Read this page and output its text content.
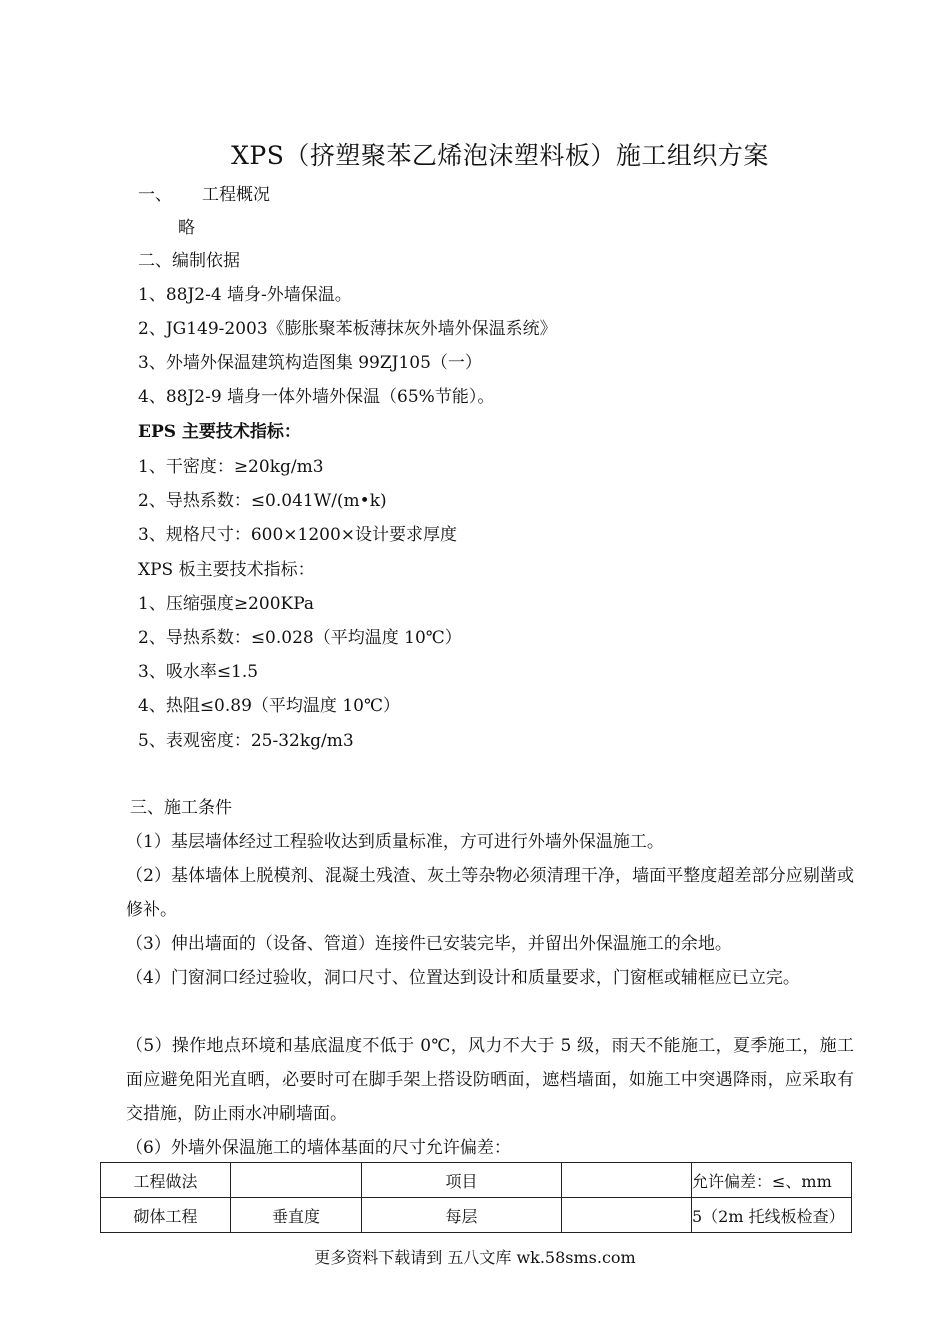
XPS（挤塑聚苯乙烯泡沫塑料板）施工组织方案
一、 工程概况
略
二、编制依据
1、88J2-4 墙身-外墙保温。
2、JG149-2003《膨胀聚苯板薄抹灰外墙外保温系统》
3、外墙外保温建筑构造图集 99ZJ105（一）
4、88J2-9 墙身一体外墙外保温（65%节能）。
EPS 主要技术指标：
1、干密度：≥20kg/m3
2、导热系数：≤0.041W/(m•k)
3、规格尺寸：600×1200×设计要求厚度
XPS 板主要技术指标：
1、压缩强度≥200KPa
2、导热系数：≤0.028（平均温度 10℃）
3、吸水率≤1.5
4、热阻≤0.89（平均温度 10℃）
5、表观密度：25-32kg/m3
三、施工条件
（1）基层墙体经过工程验收达到质量标准，方可进行外墙外保温施工。
（2）基体墙体上脱模剂、混凝土残渣、灰土等杂物必须清理干净，墙面平整度超差部分应剔凿或修补。
（3）伸出墙面的（设备、管道）连接件已安装完毕，并留出外保温施工的余地。
（4）门窗洞口经过验收，洞口尺寸、位置达到设计和质量要求，门窗框或辅框应已立完。
（5）操作地点环境和基底温度不低于 0℃，风力不大于 5 级，雨天不能施工，夏季施工，施工面应避免阳光直晒，必要时可在脚手架上搭设防晒面，遮档墙面，如施工中突遇降雨，应采取有交措施，防止雨水冲刷墙面。
（6）外墙外保温施工的墙体基面的尺寸允许偏差：
工程做法		项目		允许偏差：≤、mm
砌体工程	垂直度	每层		5（2m 托线板检查）
更多资料下载请到 五八文库 wk.58sms.com
